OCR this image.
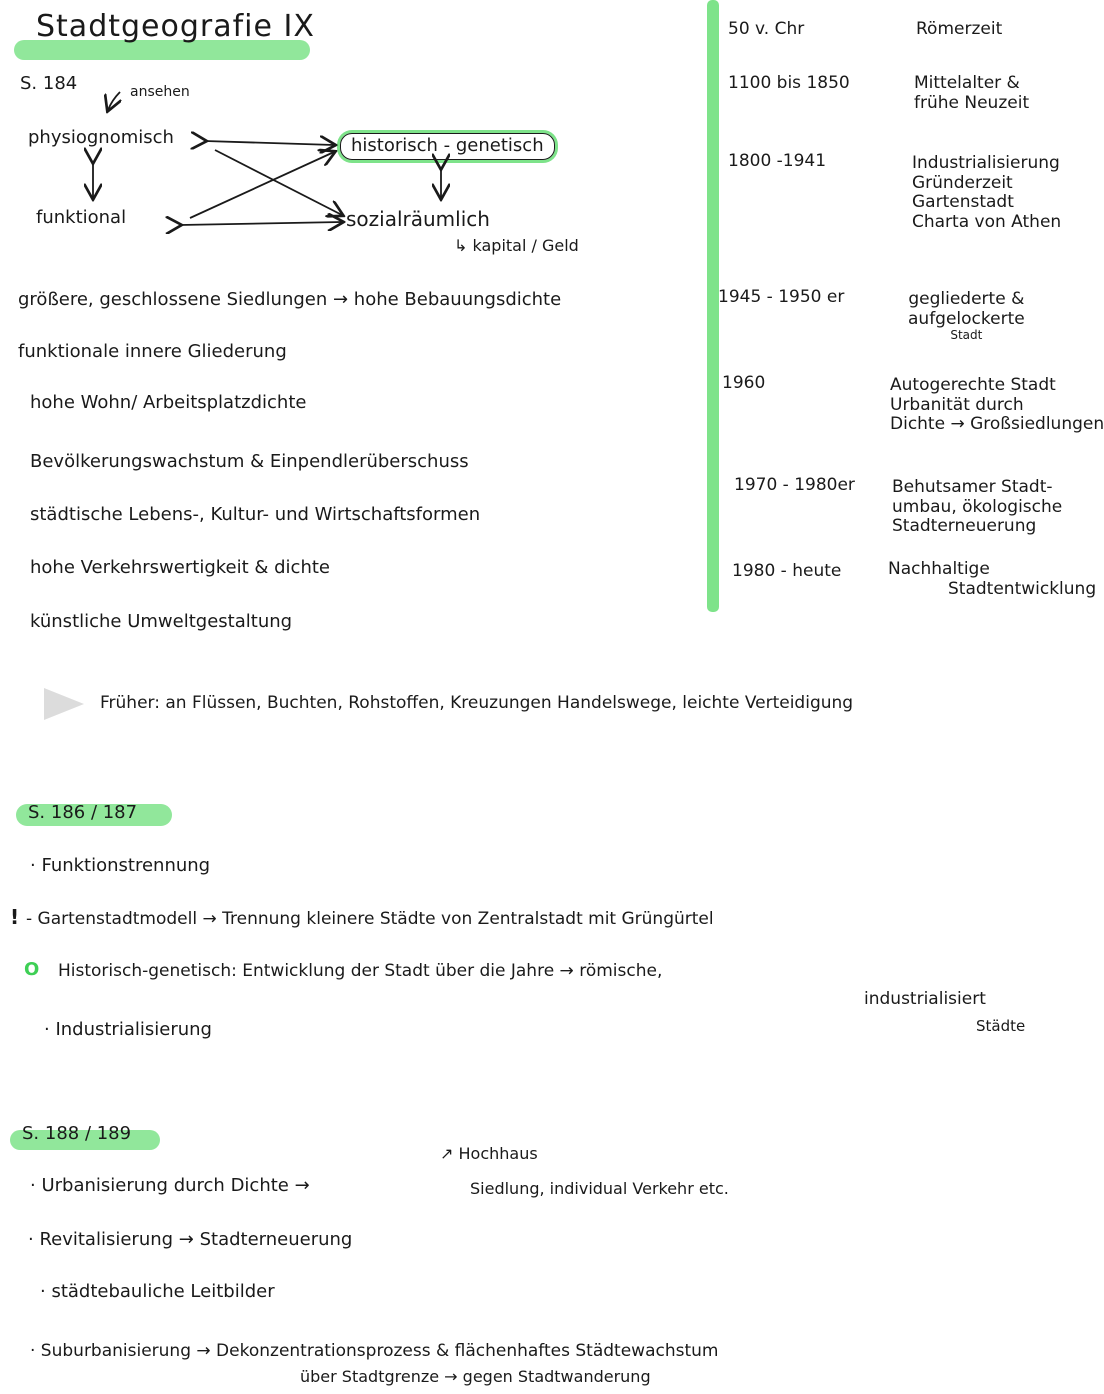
Stadtgeografie IX
S. 184	ansehen
physiognomisch	historisch - genetisch
funktional	sozialräumlich
↳ kapital / Geld
größere, geschlossene Siedlungen → hohe Bebauungsdichte
funktionale innere Gliederung
hohe Wohn/ Arbeitsplatzdichte
Bevölkerungswachstum & Einpendlerüberschuss
städtische Lebens-, Kultur- und Wirtschaftsformen
hohe Verkehrswertigkeit & dichte
künstliche Umweltgestaltung
50 v. Chr	Römerzeit
1100 bis 1850	Mittelalter &
frühe Neuzeit
1800 -1941	Industrialisierung
Gründerzeit
Gartenstadt
Charta von Athen
1945 - 1950 er	gegliederte &
aufgelockerte
Stadt
1960	Autogerechte Stadt
Urbanität durch
Dichte → Großsiedlungen
1970 - 1980er Behutsamer Stadt-
umbau, ökologische
Stadterneuerung
1980 - heute	Nachhaltige
Stadtentwicklung
Früher: an Flüssen, Buchten, Rohstoffen, Kreuzungen Handelswege, leichte Verteidigung
S. 186 / 187
· Funktionstrennung
! - Gartenstadtmodell → Trennung kleinere Städte von Zentralstadt mit Grüngürtel
O Historisch-genetisch: Entwicklung der Stadt über die Jahre → römische,
industrialisiert
Städte
· Industrialisierung
S. 188 / 189
↗ Hochhaus
· Urbanisierung durch Dichte →	Siedlung, individual Verkehr etc.
· Revitalisierung → Stadterneuerung
· städtebauliche Leitbilder
· Suburbanisierung → Dekonzentrationsprozess & flächenhaftes Städtewachstum
über Stadtgrenze → gegen Stadtwanderung
